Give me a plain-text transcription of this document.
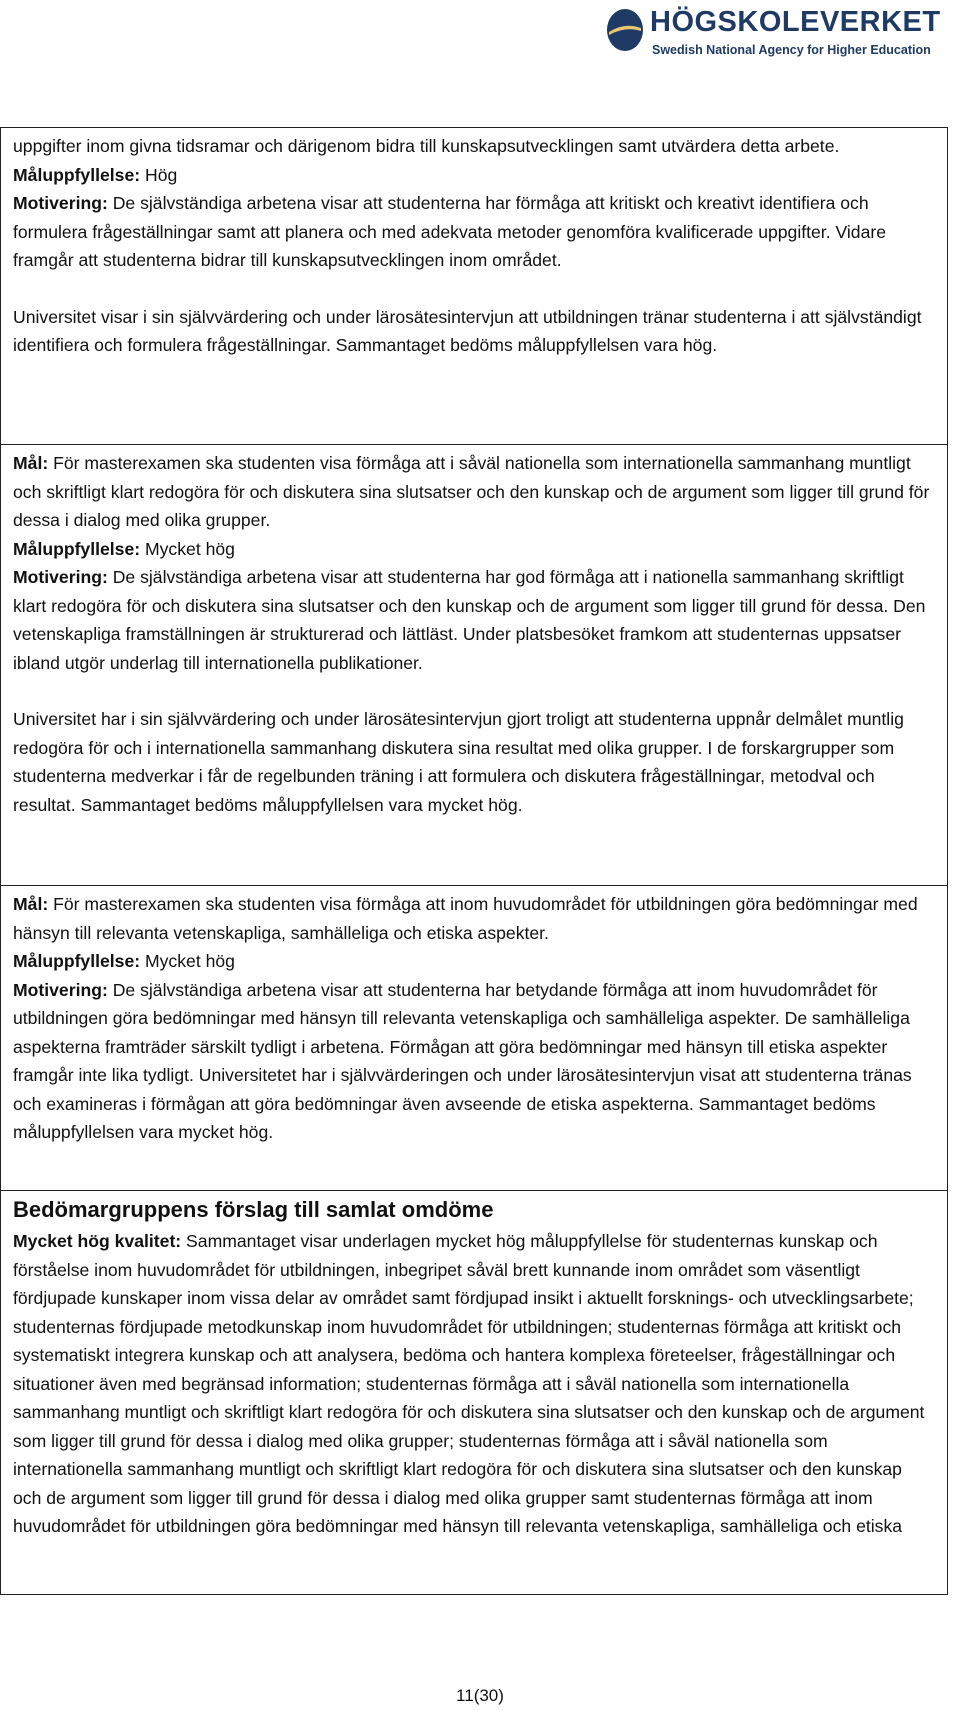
HÖGSKOLEVERKET
Swedish National Agency for Higher Education

uppgifter inom givna tidsramar och därigenom bidra till kunskapsutvecklingen samt utvärdera detta arbete.

Måluppfyllelse: Hög

Motivering: De självständiga arbetena visar att studenterna har förmåga att kritiskt och kreativt identifiera och formulera frågeställningar samt att planera och med adekvata metoder genomföra kvalificerade uppgifter. Vidare framgår att studenterna bidrar till kunskapsutvecklingen inom området.

Universitet visar i sin självvärdering och under lärosätesintervjun att utbildningen tränar studenterna i att självständigt identifiera och formulera frågeställningar. Sammantaget bedöms måluppfyllelsen vara hög.

Mål: För masterexamen ska studenten visa förmåga att i såväl nationella som internationella sammanhang muntligt och skriftligt klart redogöra för och diskutera sina slutsatser och den kunskap och de argument som ligger till grund för dessa i dialog med olika grupper.

Måluppfyllelse: Mycket hög

Motivering: De självständiga arbetena visar att studenterna har god förmåga att i nationella sammanhang skriftligt klart redogöra för och diskutera sina slutsatser och den kunskap och de argument som ligger till grund för dessa. Den vetenskapliga framställningen är strukturerad och lättläst. Under platsbesöket framkom att studenternas uppsatser ibland utgör underlag till internationella publikationer.

Universitet har i sin självvärdering och under lärosätesintervjun gjort troligt att studenterna uppnår delmålet muntlig redogöra för och i internationella sammanhang diskutera sina resultat med olika grupper. I de forskargrupper som studenterna medverkar i får de regelbunden träning i att formulera och diskutera frågeställningar, metodval och resultat. Sammantaget bedöms måluppfyllelsen vara mycket hög.

Mål: För masterexamen ska studenten visa förmåga att inom huvudområdet för utbildningen göra bedömningar med hänsyn till relevanta vetenskapliga, samhälleliga och etiska aspekter.

Måluppfyllelse: Mycket hög

Motivering: De självständiga arbetena visar att studenterna har betydande förmåga att inom huvudområdet för utbildningen göra bedömningar med hänsyn till relevanta vetenskapliga och samhälleliga aspekter. De samhälleliga aspekterna framträder särskilt tydligt i arbetena. Förmågan att göra bedömningar med hänsyn till etiska aspekter framgår inte lika tydligt. Universitetet har i självvärderingen och under lärosätesintervjun visat att studenterna tränas och examineras i förmågan att göra bedömningar även avseende de etiska aspekterna. Sammantaget bedöms måluppfyllelsen vara mycket hög.

Bedömargruppens förslag till samlat omdöme

Mycket hög kvalitet: Sammantaget visar underlagen mycket hög måluppfyllelse för studenternas kunskap och förståelse inom huvudområdet för utbildningen, inbegripet såväl brett kunnande inom området som väsentligt fördjupade kunskaper inom vissa delar av området samt fördjupad insikt i aktuellt forsknings- och utvecklingsarbete; studenternas fördjupade metodkunskap inom huvudområdet för utbildningen; studenternas förmåga att kritiskt och systematiskt integrera kunskap och att analysera, bedöma och hantera komplexa företeelser, frågeställningar och situationer även med begränsad information; studenternas förmåga att i såväl nationella som internationella sammanhang muntligt och skriftligt klart redogöra för och diskutera sina slutsatser och den kunskap och de argument som ligger till grund för dessa i dialog med olika grupper; studenternas förmåga att i såväl nationella som internationella sammanhang muntligt och skriftligt klart redogöra för och diskutera sina slutsatser och den kunskap och de argument som ligger till grund för dessa i dialog med olika grupper samt studenternas förmåga att inom huvudområdet för utbildningen göra bedömningar med hänsyn till relevanta vetenskapliga, samhälleliga och etiska

11(30)
